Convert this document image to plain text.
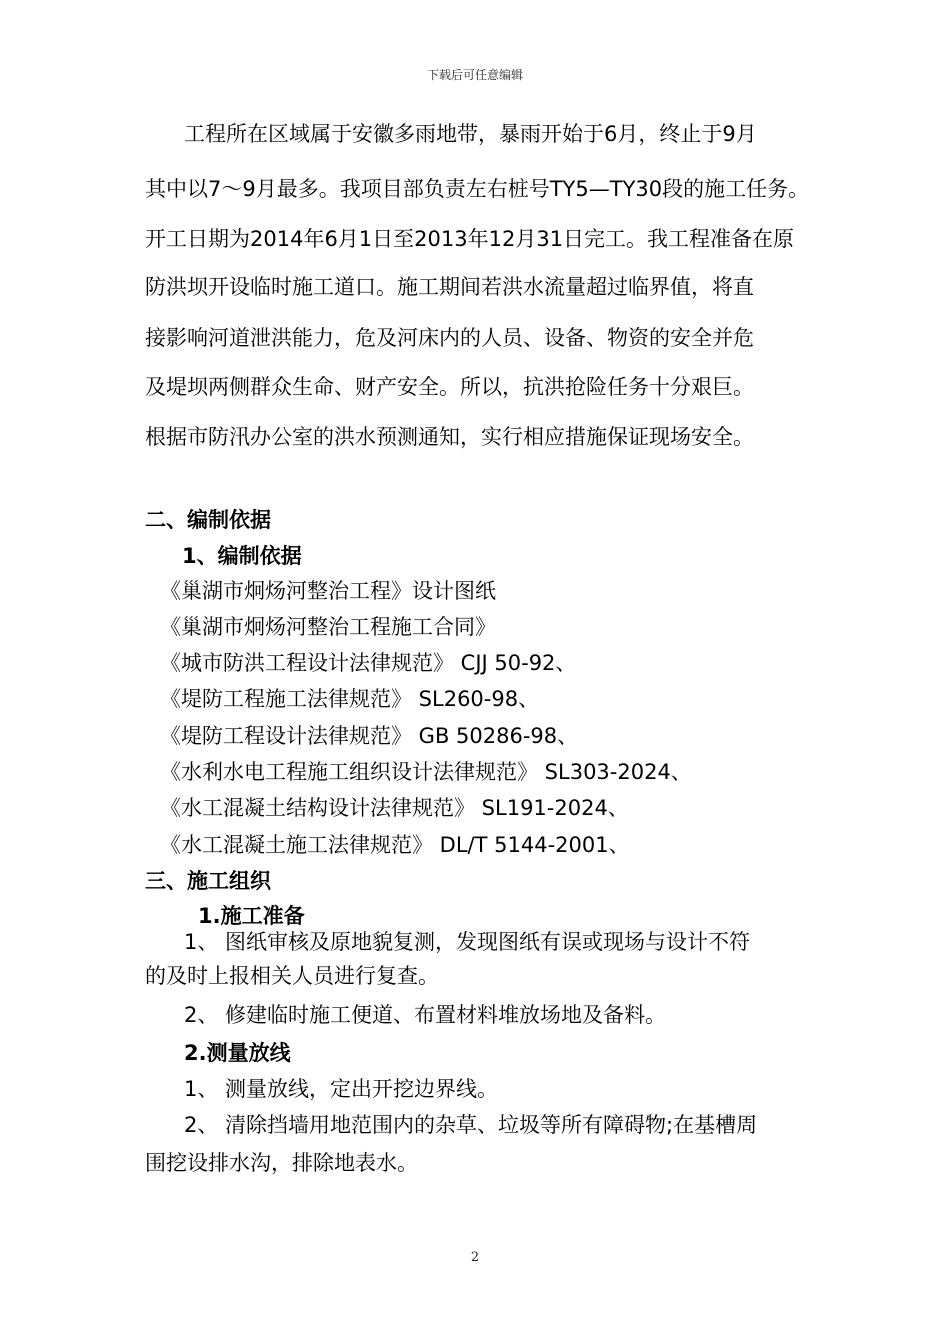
下载后可任意编辑
工程所在区域属于安徽多雨地带，暴雨开始于6月，终止于9月
其中以7～9月最多。我项目部负责左右桩号TY5—TY30段的施工任务。
开工日期为2014年6月1日至2013年12月31日完工。我工程准备在原
防洪坝开设临时施工道口。施工期间若洪水流量超过临界值，将直
接影响河道泄洪能力，危及河床内的人员、设备、物资的安全并危
及堤坝两侧群众生命、财产安全。所以，抗洪抢险任务十分艰巨。
根据市防汛办公室的洪水预测通知，实行相应措施保证现场安全。
二、编制依据
1、编制依据
《巢湖市炯炀河整治工程》设计图纸
《巢湖市炯炀河整治工程施工合同》
《城市防洪工程设计法律规范》 CJJ 50-92、
《堤防工程施工法律规范》 SL260-98、
《堤防工程设计法律规范》 GB 50286-98、
《水利水电工程施工组织设计法律规范》 SL303-2024、
《水工混凝土结构设计法律规范》 SL191-2024、
《水工混凝土施工法律规范》 DL/T 5144-2001、
三、施工组织
1.施工准备
1、 图纸审核及原地貌复测，发现图纸有误或现场与设计不符
的及时上报相关人员进行复查。
2、 修建临时施工便道、布置材料堆放场地及备料。
2.测量放线
1、 测量放线，定出开挖边界线。
2、 清除挡墙用地范围内的杂草、垃圾等所有障碍物;在基槽周
围挖设排水沟，排除地表水。
2
